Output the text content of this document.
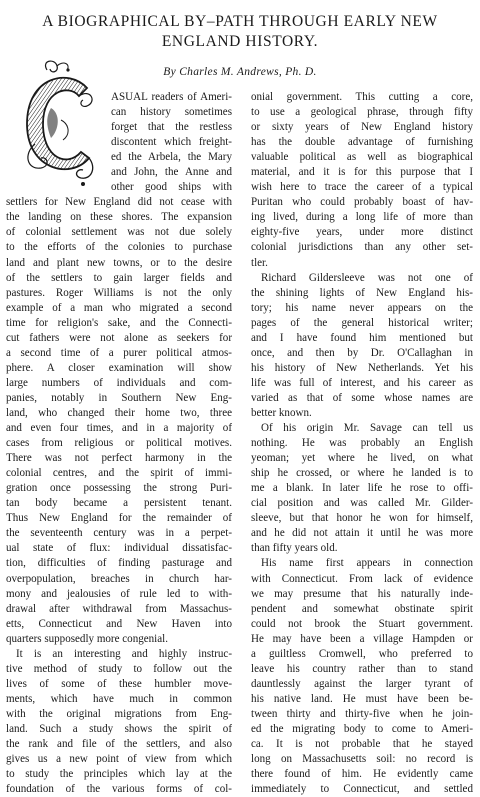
A BIOGRAPHICAL BY–PATH THROUGH EARLY NEW
ENGLAND HISTORY.
By Charles M. Andrews, Ph. D.
ASUAL readers of Ameri-
can history sometimes
forget that the restless
discontent which freight-
ed the Arbela, the Mary
and John, the Anne and
other good ships with
settlers for New England did not cease with
the landing on these shores. The expansion
of colonial settlement was not due solely
to the efforts of the colonies to purchase
land and plant new towns, or to the desire
of the settlers to gain larger fields and
pastures. Roger Williams is not the only
example of a man who migrated a second
time for religion's sake, and the Connecti-
cut fathers were not alone as seekers for
a second time of a purer political atmos-
phere. A closer examination will show
large numbers of individuals and com-
panies, notably in Southern New Eng-
land, who changed their home two, three
and even four times, and in a majority of
cases from religious or political motives.
There was not perfect harmony in the
colonial centres, and the spirit of immi-
gration once possessing the strong Puri-
tan body became a persistent tenant.
Thus New England for the remainder of
the seventeenth century was in a perpet-
ual state of flux: individual dissatisfac-
tion, difficulties of finding pasturage and
overpopulation, breaches in church har-
mony and jealousies of rule led to with-
drawal after withdrawal from Massachus-
etts, Connecticut and New Haven into
quarters supposedly more congenial.
It is an interesting and highly instruc-
tive method of study to follow out the
lives of some of these humbler move-
ments, which have much in common
with the original migrations from Eng-
land. Such a study shows the spirit of
the rank and file of the settlers, and also
gives us a new point of view from which
to study the principles which lay at the
foundation of the various forms of col-
onial government. This cutting a core,
to use a geological phrase, through fifty
or sixty years of New England history
has the double advantage of furnishing
valuable political as well as biographical
material, and it is for this purpose that I
wish here to trace the career of a typical
Puritan who could probably boast of hav-
ing lived, during a long life of more than
eighty-five years, under more distinct
colonial jurisdictions than any other set-
tler.
Richard Gildersleeve was not one of
the shining lights of New England his-
tory; his name never appears on the
pages of the general historical writer;
and I have found him mentioned but
once, and then by Dr. O'Callaghan in
his history of New Netherlands. Yet his
life was full of interest, and his career as
varied as that of some whose names are
better known.
Of his origin Mr. Savage can tell us
nothing. He was probably an English
yeoman; yet where he lived, on what
ship he crossed, or where he landed is to
me a blank. In later life he rose to offi-
cial position and was called Mr. Gilder-
sleeve, but that honor he won for himself,
and he did not attain it until he was more
than fifty years old.
His name first appears in connection
with Connecticut. From lack of evidence
we may presume that his naturally inde-
pendent and somewhat obstinate spirit
could not brook the Stuart government.
He may have been a village Hampden or
a guiltless Cromwell, who preferred to
leave his country rather than to stand
dauntlessly against the larger tyrant of
his native land. He must have been be-
tween thirty and thirty-five when he join-
ed the migrating body to come to Ameri-
ca. It is not probable that he stayed
long on Massachusetts soil: no record is
there found of him. He evidently came
immediately to Connecticut, and settled
